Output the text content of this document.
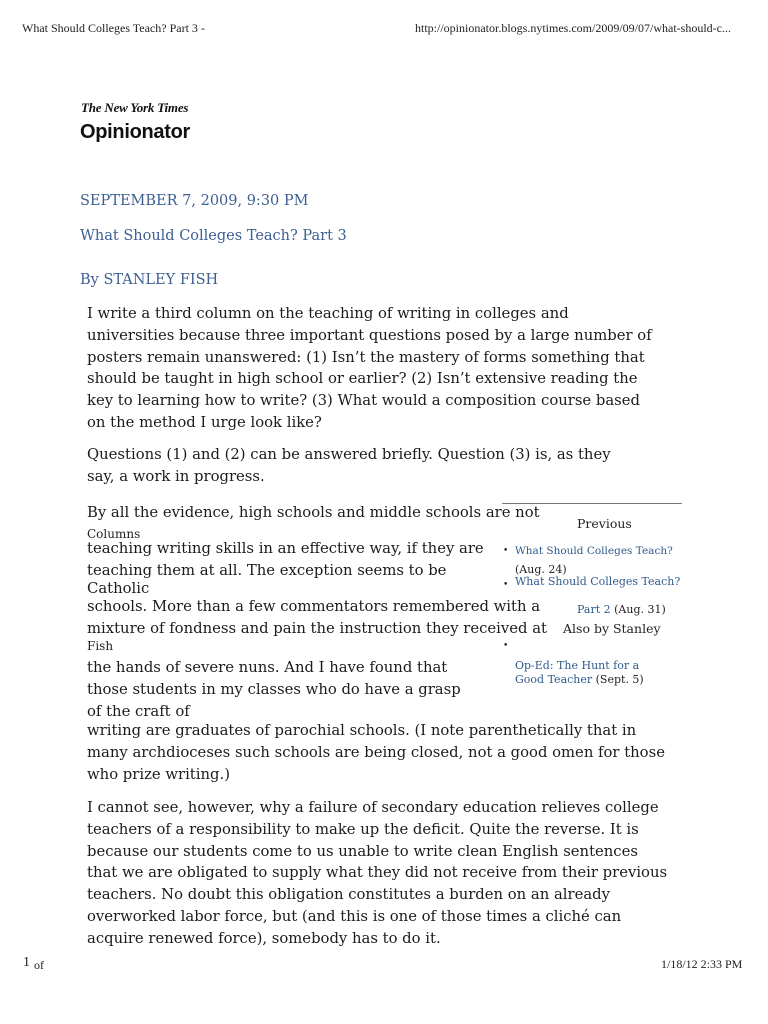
What Should Colleges Teach? Part 3 -	http://opinionator.blogs.nytimes.com/2009/09/07/what-should-c...
The New York Times
Opinionator
SEPTEMBER 7, 2009, 9:30 PM
What Should Colleges Teach? Part 3
By STANLEY FISH
I write a third column on the teaching of writing in colleges and
universities because three important questions posed by a large number of
posters remain unanswered: (1) Isn’t the mastery of forms something that
should be taught in high school or earlier? (2) Isn’t extensive reading the
key to learning how to write? (3) What would a composition course based
on the method I urge look like?
Questions (1) and (2) can be answered briefly. Question (3) is, as they
say, a work in progress.
By all the evidence, high schools and middle schools are not
Columns
teaching writing skills in an effective way, if they are
teaching them at all. The exception seems to be
Catholic
schools. More than a few commentators remembered with a
mixture of fondness and pain the instruction they received at
Fish
the hands of severe nuns. And I have found that
those students in my classes who do have a grasp
of the craft of
writing are graduates of parochial schools. (I note parenthetically that in
many archdioceses such schools are being closed, not a good omen for those
who prize writing.)
Previous
• What Should Colleges Teach?
(Aug. 24)
• What Should Colleges Teach?
Part 2 (Aug. 31)
Also by Stanley
•
Op-Ed: The Hunt for a
Good Teacher (Sept. 5)
I cannot see, however, why a failure of secondary education relieves college
teachers of a responsibility to make up the deficit. Quite the reverse. It is
because our students come to us unable to write clean English sentences
that we are obligated to supply what they did not receive from their previous
teachers. No doubt this obligation constitutes a burden on an already
overworked labor force, but (and this is one of those times a cliché can
acquire renewed force), somebody has to do it.
1 of	1/18/12 2:33 PM
